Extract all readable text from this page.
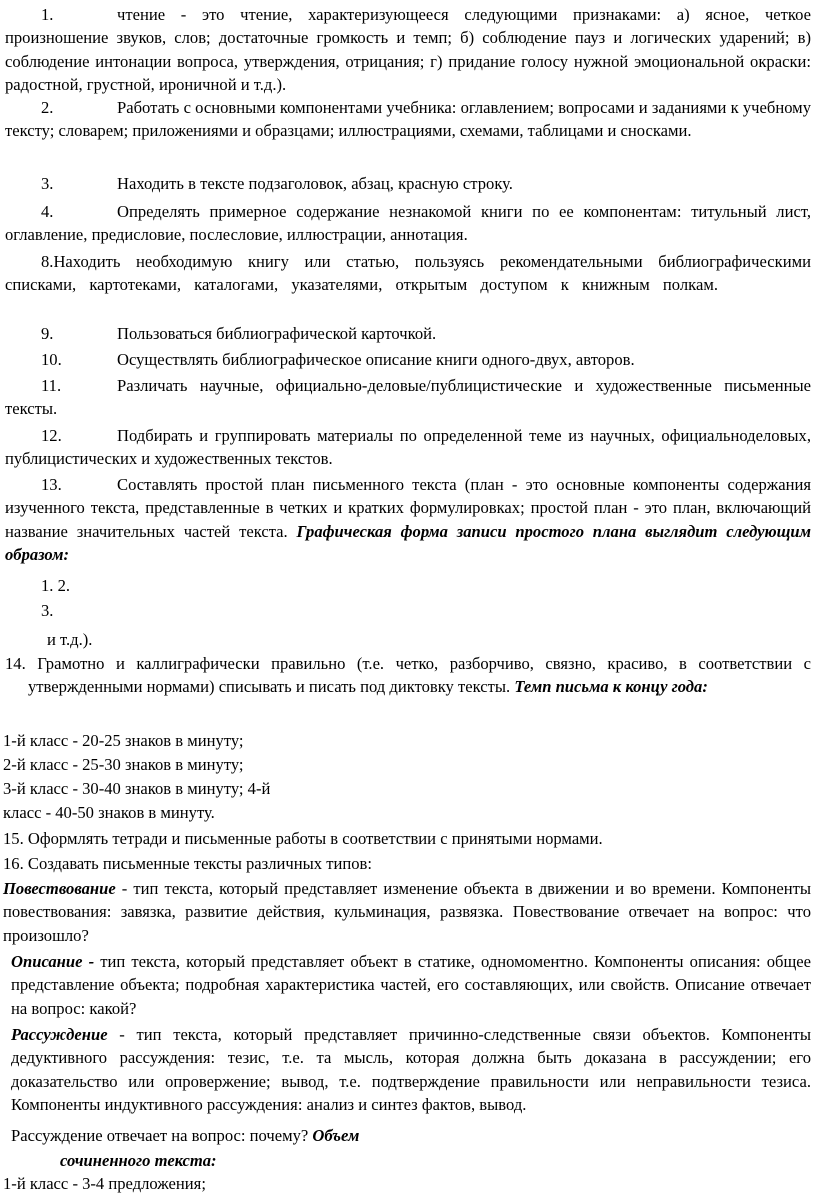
1.	чтение - это чтение, характеризующееся следующими признаками: а) ясное, четкое произношение звуков, слов; достаточные громкость и темп; б) соблюдение пауз и логических ударений; в) соблюдение интонации вопроса, утверждения, отрицания; г) придание голосу нужной эмоциональной окраски: радостной, грустной, ироничной и т.д.).

2.	Работать с основными компонентами учебника: оглавлением; вопросами и заданиями к учебному тексту; словарем; приложениями и образцами; иллюстрациями, схемами, таблицами и сносками.

3.	Находить в тексте подзаголовок, абзац, красную строку.

4.	Определять примерное содержание незнакомой книги по ее компонентам: титульный лист, оглавление, предисловие, послесловие, иллюстрации, аннотация.

8.Находить необходимую книгу или статью, пользуясь рекомендательными библиографическими списками, картотеками, каталогами, указателями, открытым доступом к книжным полкам.

9.	Пользоваться библиографической карточкой.

10.	Осуществлять библиографическое описание книги одного-двух, авторов.

11.	Различать научные, официально-деловые/публицистические и художественные письменные тексты.

12.	Подбирать и группировать материалы по определенной теме из научных, официальноделовых, публицистических и художественных текстов.

13.	Составлять простой план письменного текста (план - это основные компоненты содержания изученного текста, представленные в четких и кратких формулировках; простой план - это план, включающий название значительных частей текста. Графическая форма записи простого плана выглядит следующим образом:

1. 2.

3.

и т.д.).

14. Грамотно и каллиграфически правильно (т.е. четко, разборчиво, связно, красиво, в соответствии с утвержденными нормами) списывать и писать под диктовку тексты. Темп письма к концу года:

1-й класс - 20-25 знаков в минуту;

2-й класс - 25-30 знаков в минуту;

3-й класс - 30-40 знаков в минуту; 4-й

класс - 40-50 знаков в минуту.

15. Оформлять тетради и письменные работы в соответствии с принятыми нормами.

16. Создавать письменные тексты различных типов:

Повествование - тип текста, который представляет изменение объекта в движении и во времени. Компоненты повествования: завязка, развитие действия, кульминация, развязка. Повествование отвечает на вопрос: что произошло?

Описание - тип текста, который представляет объект в статике, одномоментно. Компоненты описания: общее представление объекта; подробная характеристика частей, его составляющих, или свойств. Описание отвечает на вопрос: какой?

Рассуждение - тип текста, который представляет причинно-следственные связи объектов. Компоненты дедуктивного рассуждения: тезис, т.е. та мысль, которая должна быть доказана в рассуждении; его доказательство или опровержение; вывод, т.е. подтверждение правильности или неправильности тезиса. Компоненты индуктивного рассуждения: анализ и синтез фактов, вывод.

Рассуждение отвечает на вопрос: почему? Объем

сочиненного текста:

1-й класс - 3-4 предложения;
